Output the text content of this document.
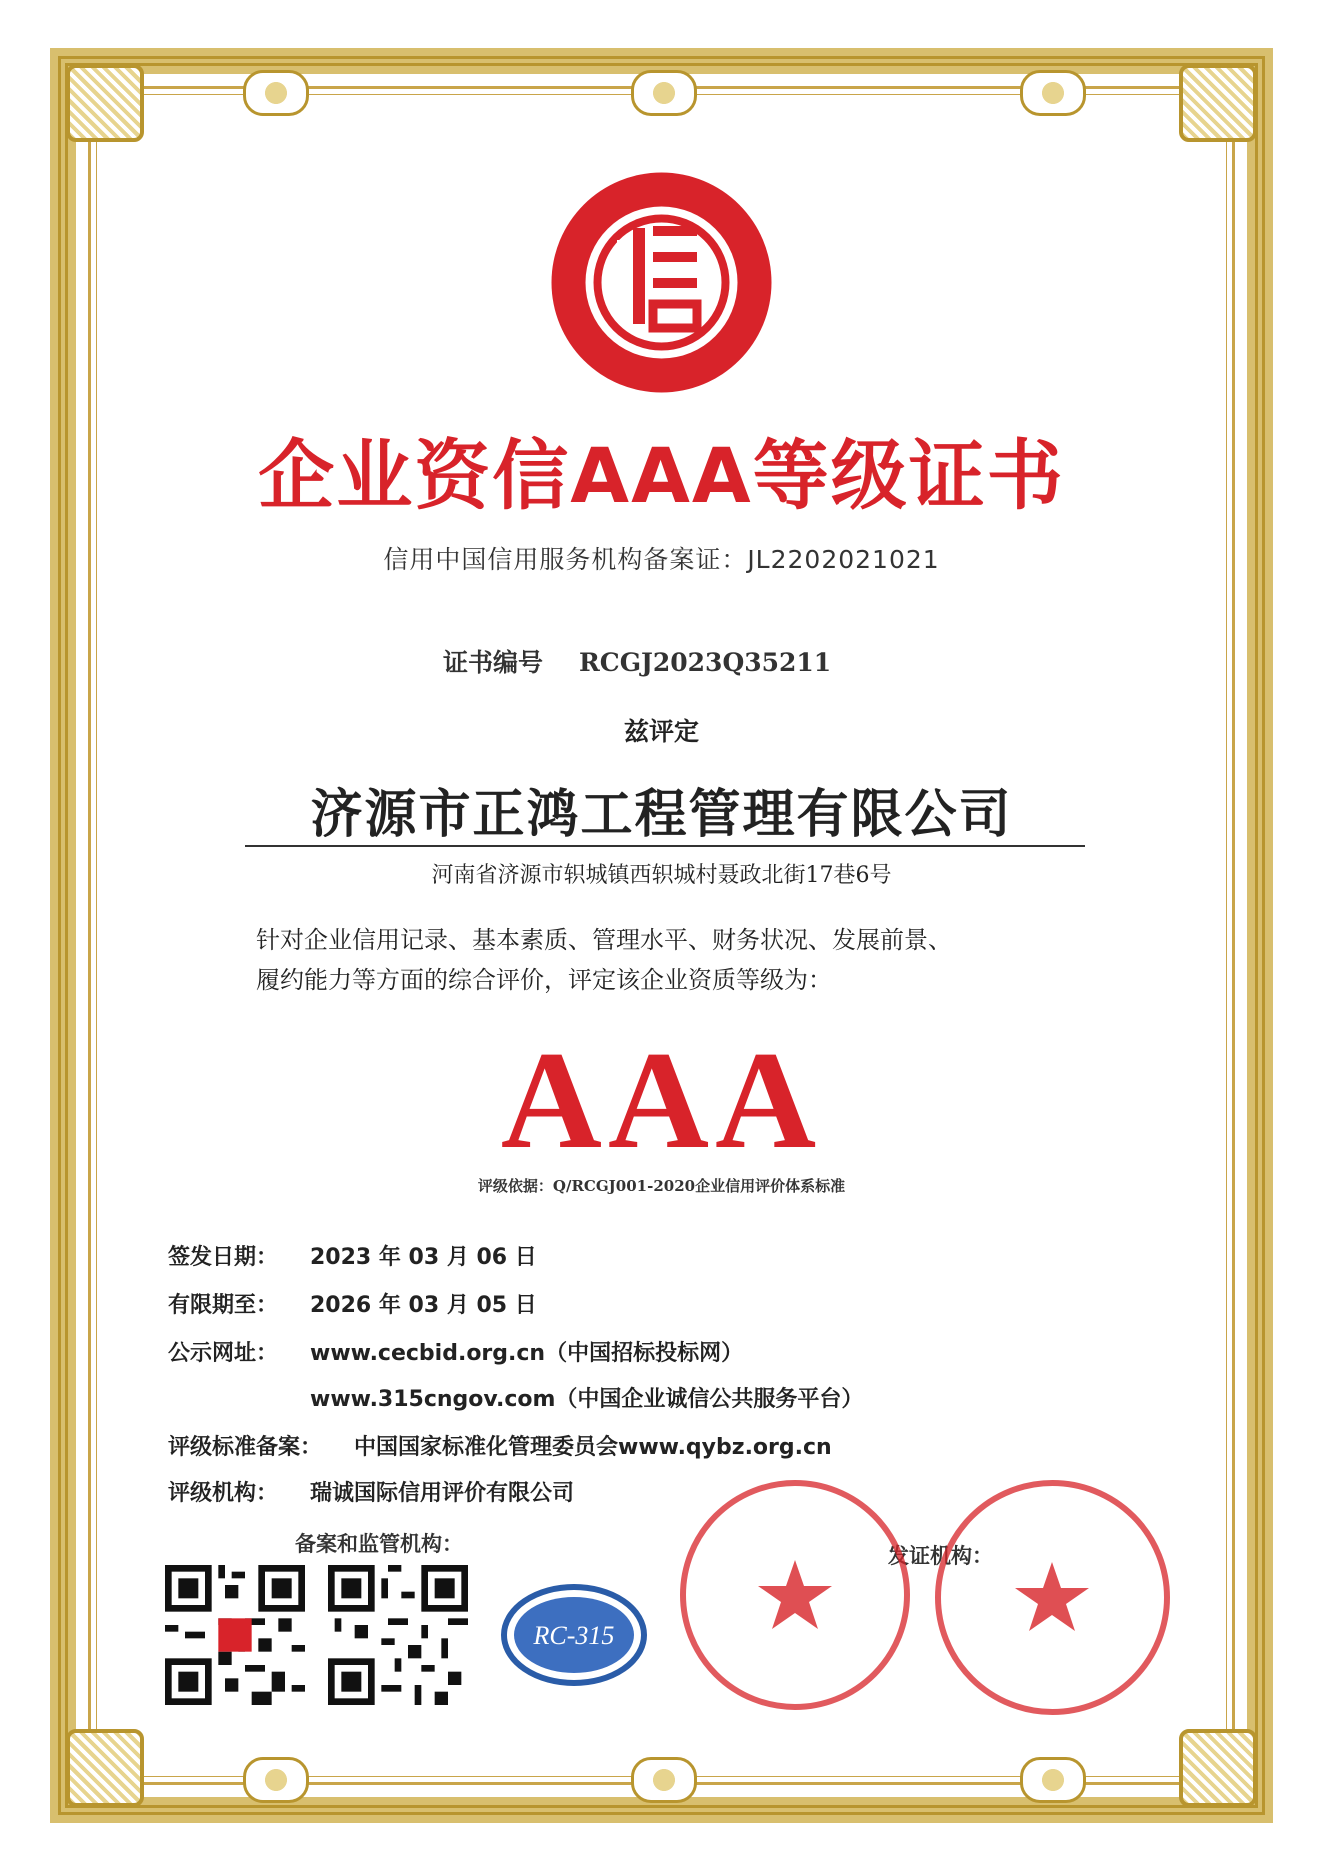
企业资信AAA等级证书
信用中国信用服务机构备案证：JL2202021021
证书编号 RCGJ2023Q35211
兹评定
济源市正鸿工程管理有限公司
河南省济源市轵城镇西轵城村聂政北街17巷6号
针对企业信用记录、基本素质、管理水平、财务状况、发展前景、
履约能力等方面的综合评价，评定该企业资质等级为：
AAA
评级依据：Q/RCGJ001-2020企业信用评价体系标准
签发日期： 2023 年 03 月 06 日
有限期至： 2026 年 03 月 05 日
公示网址： www.cecbid.org.cn（中国招标投标网）
www.315cngov.com（中国企业诚信公共服务平台）
评级标准备案： 中国国家标准化管理委员会www.qybz.org.cn
评级机构： 瑞诚国际信用评价有限公司
备案和监管机构：	发证机构：
RC-315
